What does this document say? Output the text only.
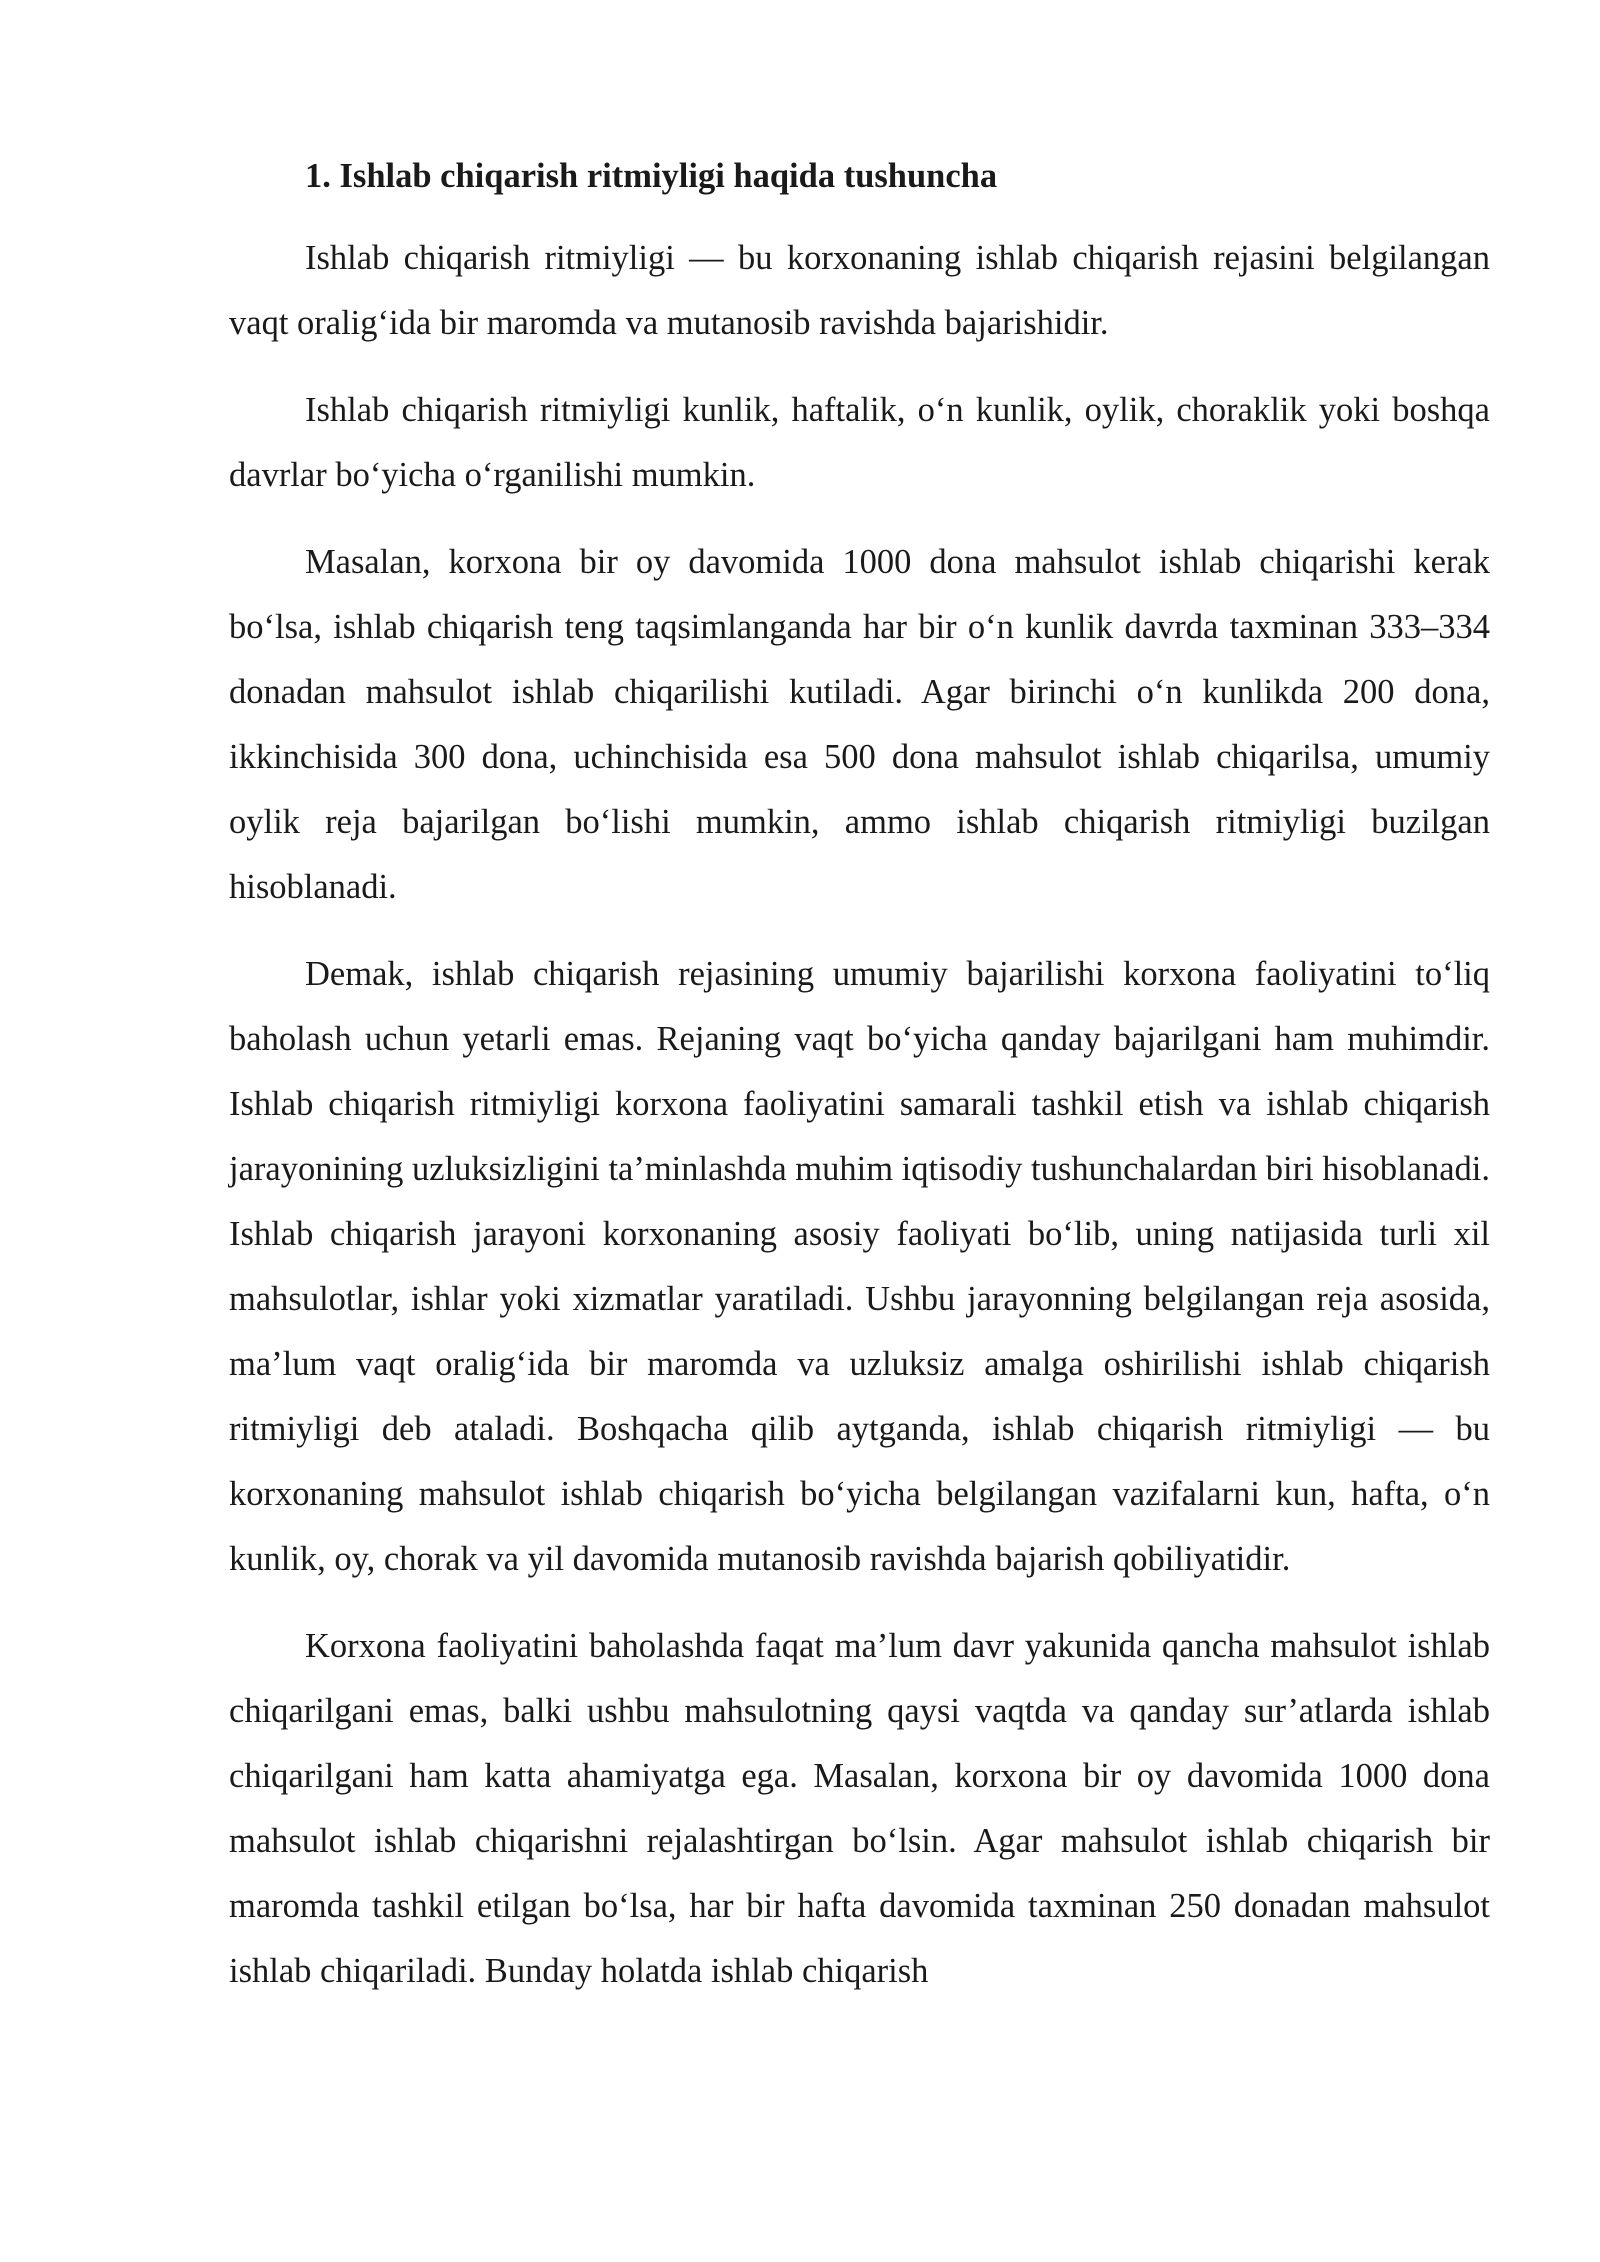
1. Ishlab chiqarish ritmiyligi haqida tushuncha

Ishlab chiqarish ritmiyligi — bu korxonaning ishlab chiqarish rejasini belgilangan vaqt oralig‘ida bir maromda va mutanosib ravishda bajarishidir.

Ishlab chiqarish ritmiyligi kunlik, haftalik, o‘n kunlik, oylik, choraklik yoki boshqa davrlar bo‘yicha o‘rganilishi mumkin.

Masalan, korxona bir oy davomida 1000 dona mahsulot ishlab chiqarishi kerak bo‘lsa, ishlab chiqarish teng taqsimlanganda har bir o‘n kunlik davrda taxminan 333–334 donadan mahsulot ishlab chiqarilishi kutiladi. Agar birinchi o‘n kunlikda 200 dona, ikkinchisida 300 dona, uchinchisida esa 500 dona mahsulot ishlab chiqarilsa, umumiy oylik reja bajarilgan bo‘lishi mumkin, ammo ishlab chiqarish ritmiyligi buzilgan hisoblanadi.

Demak, ishlab chiqarish rejasining umumiy bajarilishi korxona faoliyatini to‘liq baholash uchun yetarli emas. Rejaning vaqt bo‘yicha qanday bajarilgani ham muhimdir. Ishlab chiqarish ritmiyligi korxona faoliyatini samarali tashkil etish va ishlab chiqarish jarayonining uzluksizligini ta’minlashda muhim iqtisodiy tushunchalardan biri hisoblanadi. Ishlab chiqarish jarayoni korxonaning asosiy faoliyati bo‘lib, uning natijasida turli xil mahsulotlar, ishlar yoki xizmatlar yaratiladi. Ushbu jarayonning belgilangan reja asosida, ma’lum vaqt oralig‘ida bir maromda va uzluksiz amalga oshirilishi ishlab chiqarish ritmiyligi deb ataladi. Boshqacha qilib aytganda, ishlab chiqarish ritmiyligi — bu korxonaning mahsulot ishlab chiqarish bo‘yicha belgilangan vazifalarni kun, hafta, o‘n kunlik, oy, chorak va yil davomida mutanosib ravishda bajarish qobiliyatidir.

Korxona faoliyatini baholashda faqat ma’lum davr yakunida qancha mahsulot ishlab chiqarilgani emas, balki ushbu mahsulotning qaysi vaqtda va qanday sur’atlarda ishlab chiqarilgani ham katta ahamiyatga ega. Masalan, korxona bir oy davomida 1000 dona mahsulot ishlab chiqarishni rejalashtirgan bo‘lsin. Agar mahsulot ishlab chiqarish bir maromda tashkil etilgan bo‘lsa, har bir hafta davomida taxminan 250 donadan mahsulot ishlab chiqariladi. Bunday holatda ishlab chiqarish
